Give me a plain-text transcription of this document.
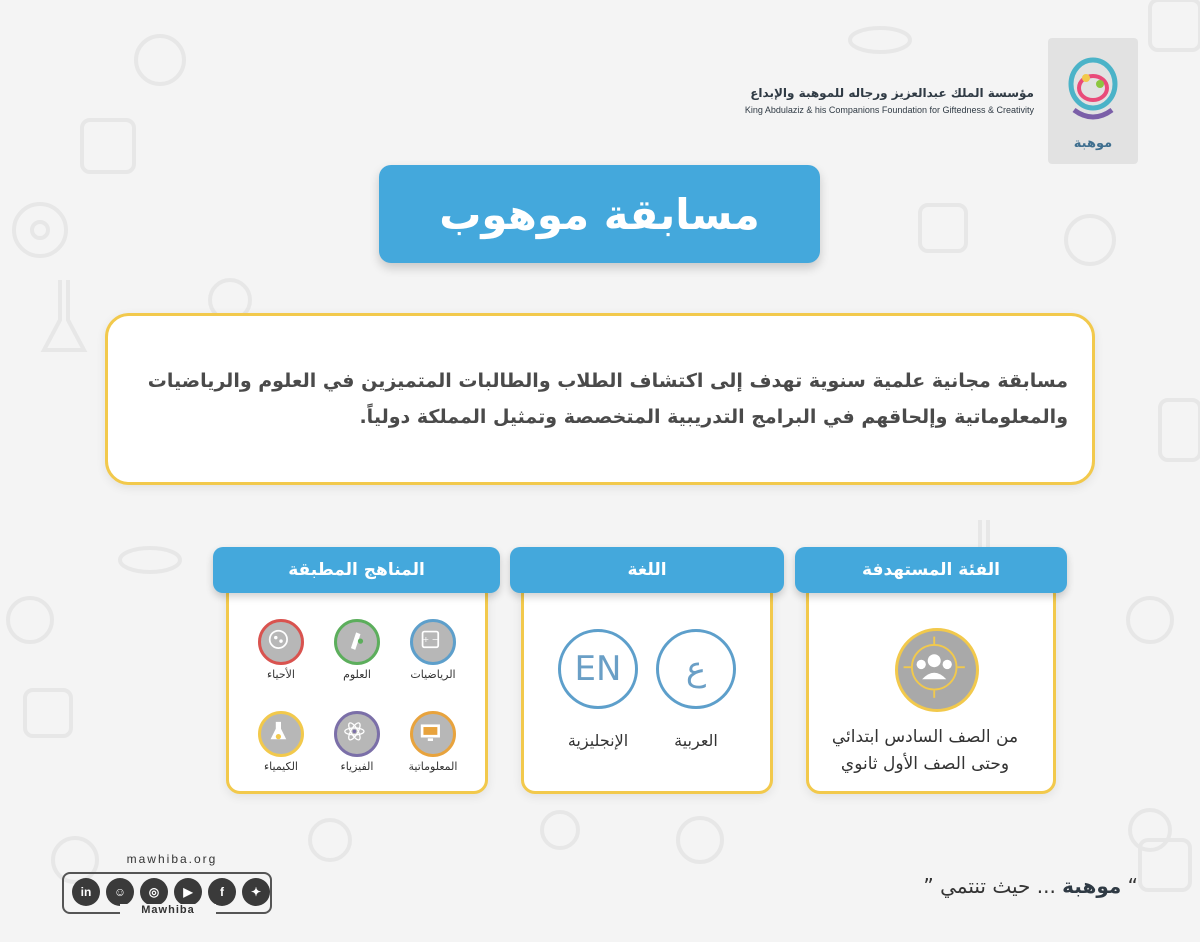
موهبة
مؤسسة الملك عبدالعزيز ورجاله للموهبة والإبداع
King Abdulaziz & his Companions Foundation for Giftedness & Creativity
مسابقة موهوب

مسابقة مجانية علمية سنوية تهدف إلى اكتشاف الطلاب والطالبات المتميزين في العلوم والرياضيات والمعلوماتية وإلحاقهم في البرامج التدريبية المتخصصة وتمثيل المملكة دولياً.

الفئة المستهدفة
من الصف السادس ابتدائي
وحتى الصف الأول ثانوي
اللغة
ع
العربية
EN
الإنجليزية
المناهج المطبقة
+ −
الرياضيات
العلوم
الأحياء
المعلوماتية
الفيزياء
الكيمياء
mawhiba.org
in	☺	◎	▶	f	✦
Mawhiba
“ موهبة ... حيث تنتمي ”
